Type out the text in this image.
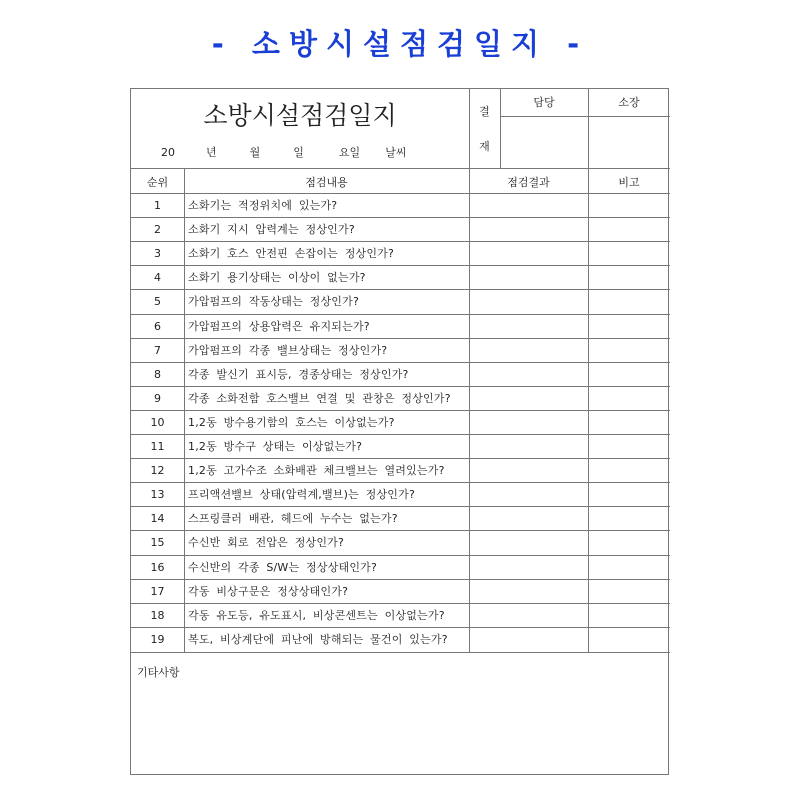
- 소방시설점검일지 -
소방시설점검일지
20	년	월	일	요일 날씨
결
재
담당	소장
순위	점검내용	점검결과	비고
1	소화기는 적정위치에 있는가?
2	소화기 지시 압력계는 정상인가?
3	소화기 호스 안전핀 손잡이는 정상인가?
4	소화기 용기상태는 이상이 없는가?
5	가압펌프의 작동상태는 정상인가?
6	가압펌프의 상용압력은 유지되는가?
7	가압펌프의 각종 밸브상태는 정상인가?
8	각종 발신기 표시등, 경종상태는 정상인가?
9	각종 소화전함 호스밸브 연결 및 관창은 정상인가?
10	1,2동 방수용기함의 호스는 이상없는가?
11	1,2동 방수구 상태는 이상없는가?
12	1,2동 고가수조 소화배관 체크밸브는 열려있는가?
13	프리액션밸브 상태(압력계,밸브)는 정상인가?
14	스프링클러 배관, 헤드에 누수는 없는가?
15	수신반 회로 전압은 정상인가?
16	수신반의 각종 S/W는 정상상태인가?
17	각동 비상구문은 정상상태인가?
18	각동 유도등, 유도표시, 비상콘센트는 이상없는가?
19	복도, 비상계단에 피난에 방해되는 물건이 있는가?
기타사항
